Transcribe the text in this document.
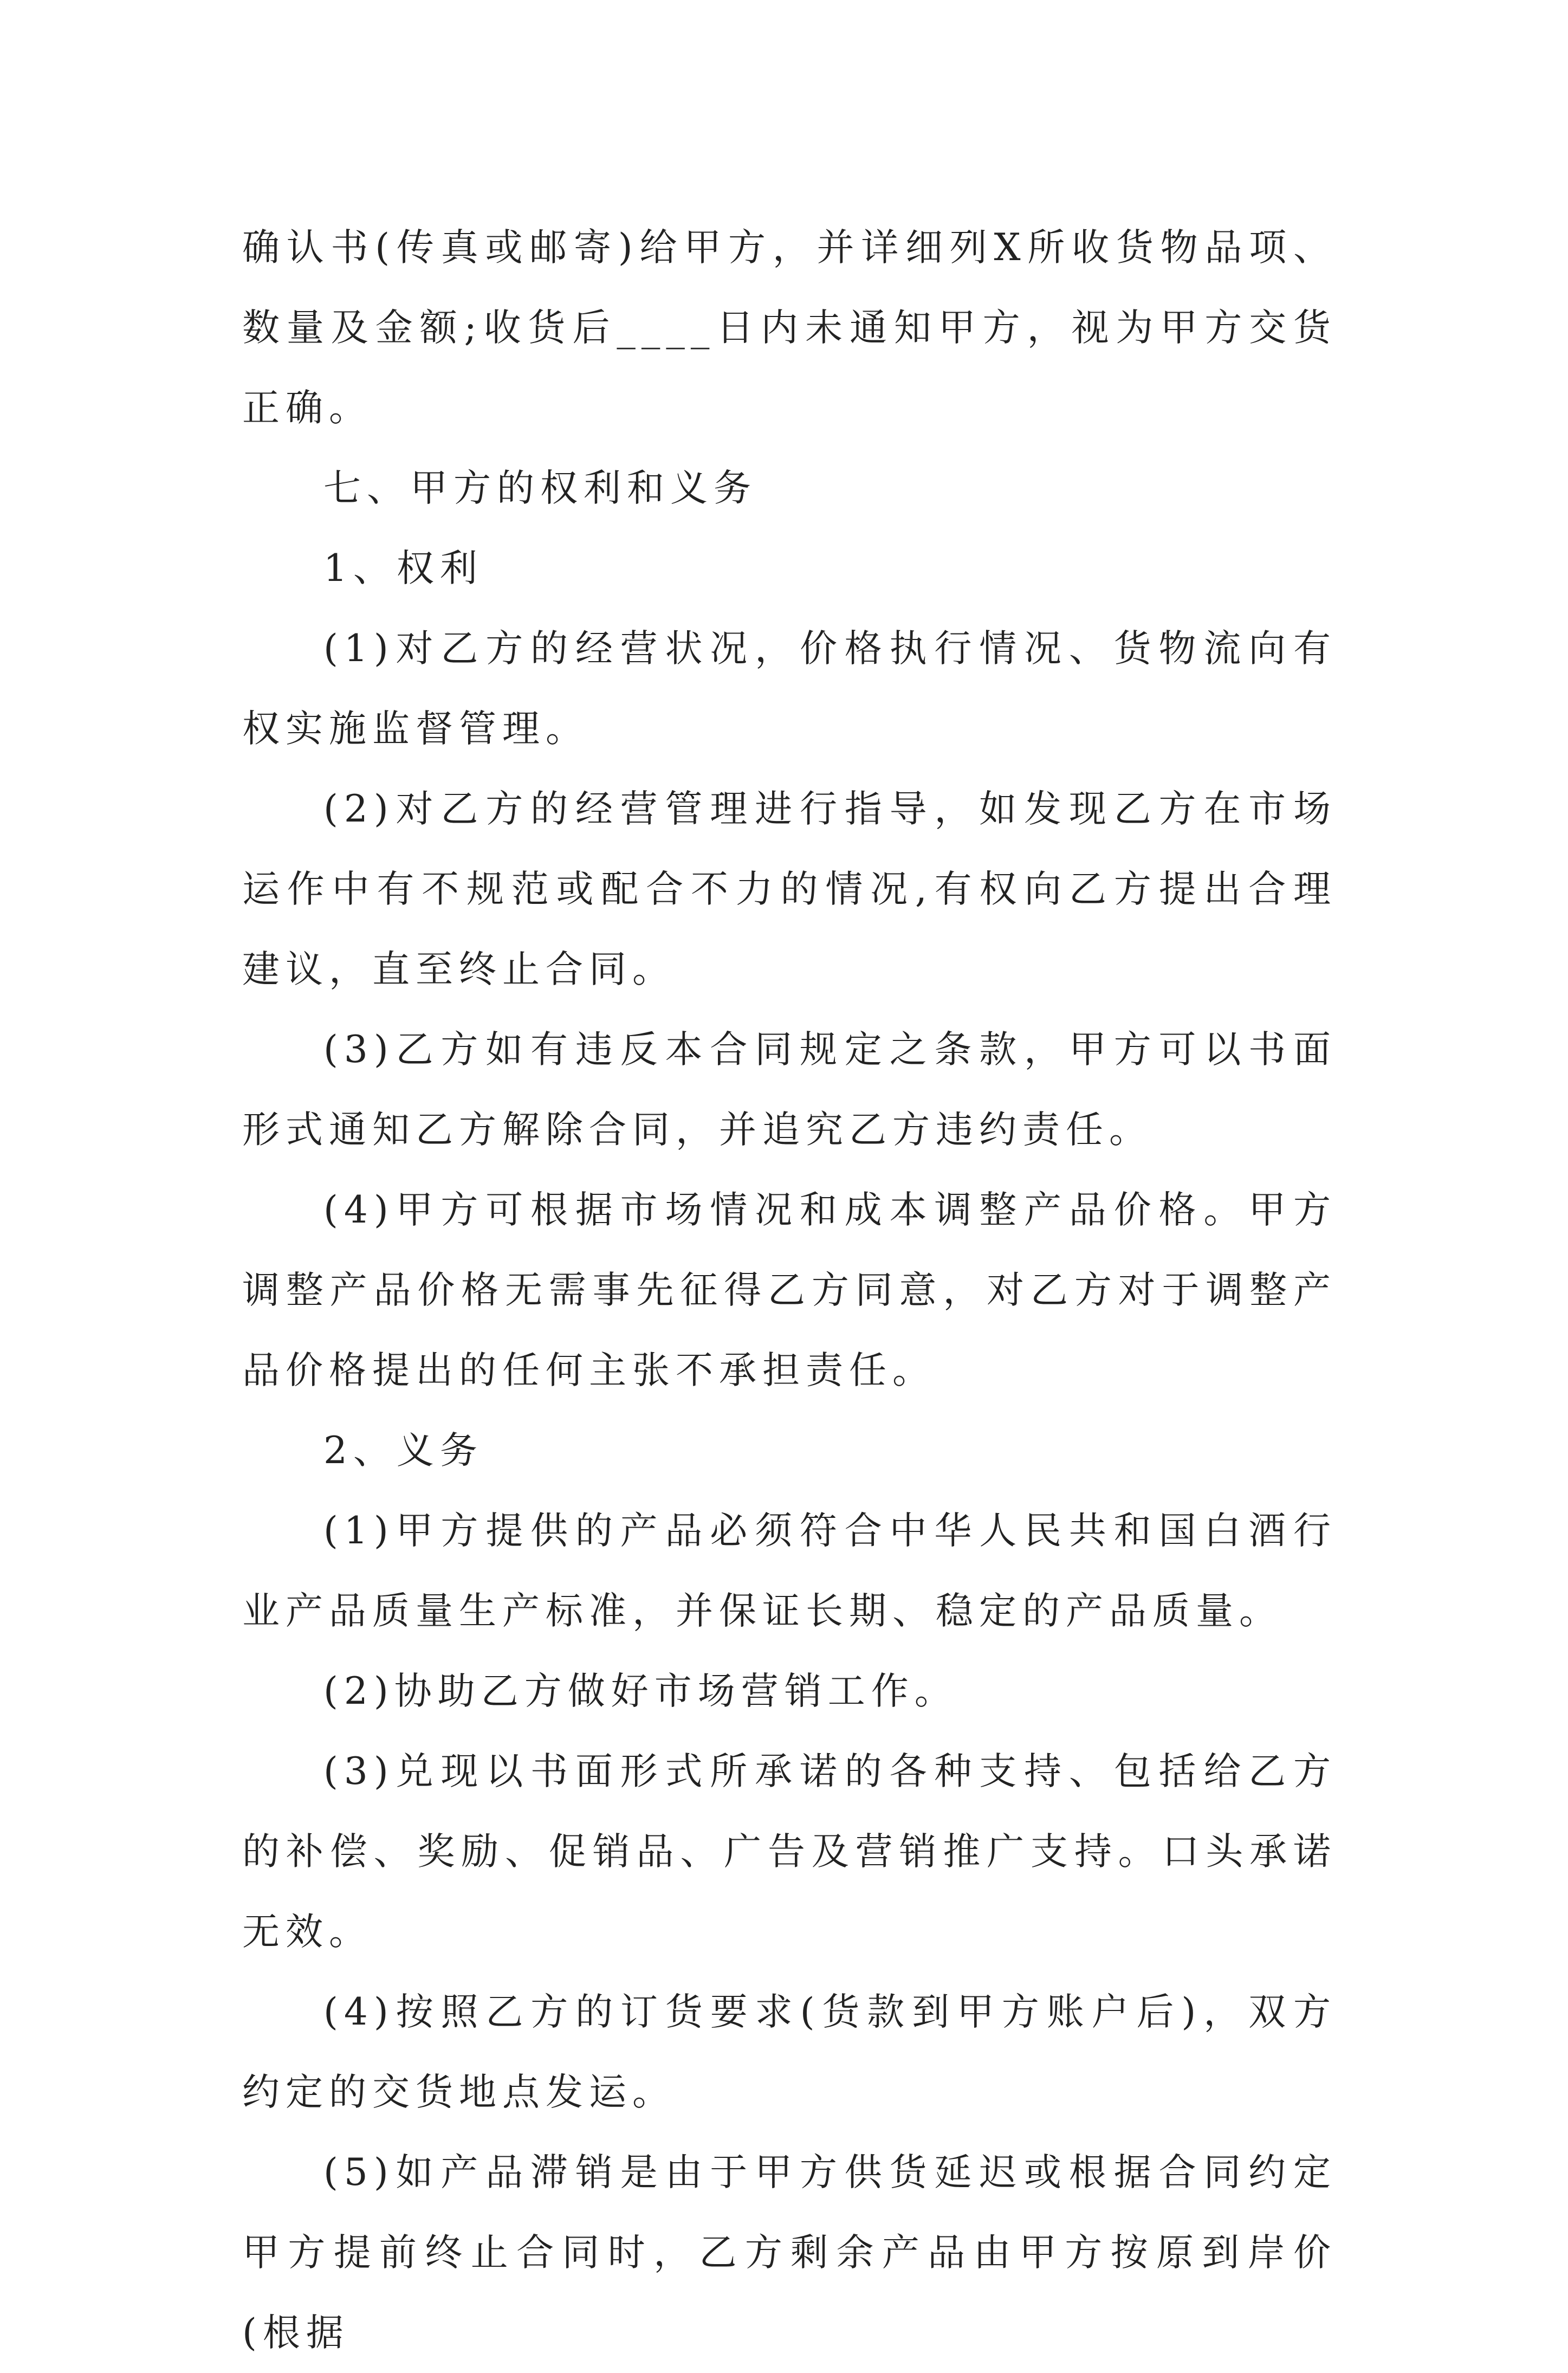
确认书(传真或邮寄)给甲方，并详细列X所收货物品项、数量及金额;收货后____日内未通知甲方，视为甲方交货正确。

七、甲方的权利和义务

1、权利

(1)对乙方的经营状况，价格执行情况、货物流向有权实施监督管理。

(2)对乙方的经营管理进行指导，如发现乙方在市场运作中有不规范或配合不力的情况,有权向乙方提出合理建议，直至终止合同。

(3)乙方如有违反本合同规定之条款，甲方可以书面形式通知乙方解除合同，并追究乙方违约责任。

(4)甲方可根据市场情况和成本调整产品价格。甲方调整产品价格无需事先征得乙方同意，对乙方对于调整产品价格提出的任何主张不承担责任。

2、义务

(1)甲方提供的产品必须符合中华人民共和国白酒行业产品质量生产标准，并保证长期、稳定的产品质量。

(2)协助乙方做好市场营销工作。

(3)兑现以书面形式所承诺的各种支持、包括给乙方的补偿、奖励、促销品、广告及营销推广支持。口头承诺无效。

(4)按照乙方的订货要求(货款到甲方账户后)，双方约定的交货地点发运。

(5)如产品滞销是由于甲方供货延迟或根据合同约定甲方提前终止合同时，乙方剩余产品由甲方按原到岸价(根据
